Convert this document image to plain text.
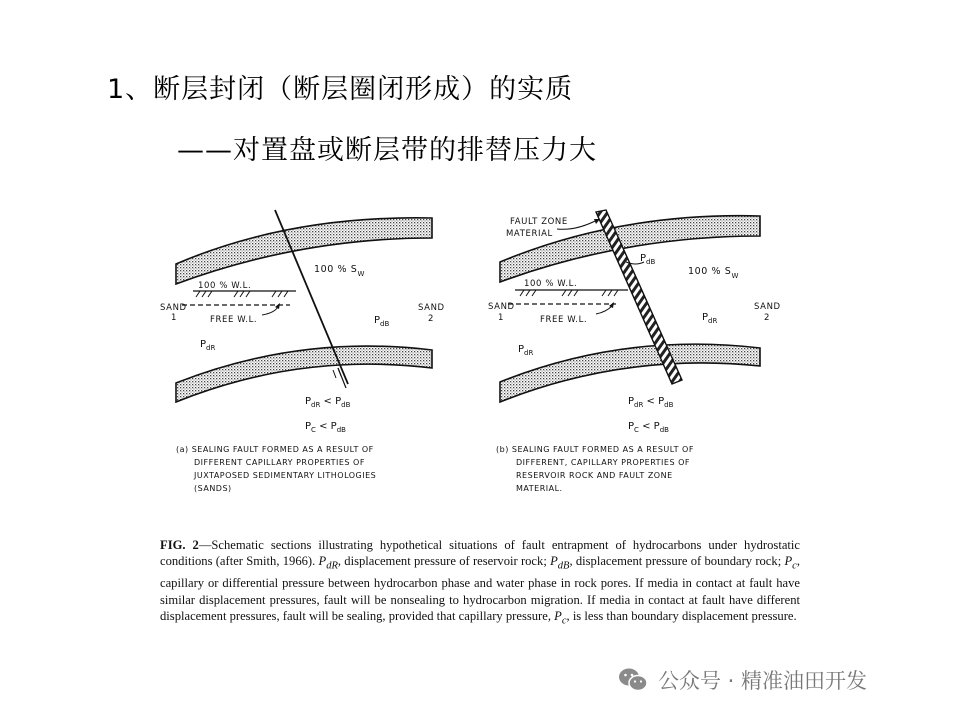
1、断层封闭（断层圈闭形成）的实质
——对置盘或断层带的排替压力大
100 % $S_W$
100 % W.L.
SAND
1	FREE W.L.	$P_{dB}$
SAND
2
$P_{dR}$
$P_{dR} < P_{dB}$
$P_C < P_{dB}$
(a) SEALING FAULT FORMED AS A RESULT OF
DIFFERENT CAPILLARY PROPERTIES OF
JUXTAPOSED SEDIMENTARY LITHOLOGIES
(SANDS)
FAULT ZONE
MATERIAL
$P_{dB}$
100 % $S_W$
100 % W.L.
SAND
1	FREE W.L.	$P_{dR}$
SAND
2
$P_{dR}$
$P_{dR} < P_{dB}$
$P_C < P_{dB}$
(b) SEALING FAULT FORMED AS A RESULT OF
DIFFERENT, CAPILLARY PROPERTIES OF
RESERVOIR ROCK AND FAULT ZONE
MATERIAL.

FIG. 2—Schematic sections illustrating hypothetical situations of fault entrapment of hydrocarbons under hydrostatic conditions (after Smith, 1966). $P_{dR}$, displacement pressure of reservoir rock; $P_{dB}$, displacement pressure of boundary rock; $P_c$, capillary or differential pressure between hydrocarbon phase and water phase in rock pores. If media in contact at fault have similar displacement pressures, fault will be nonsealing to hydrocarbon migration. If media in contact at fault have different displacement pressures, fault will be sealing, provided that capillary pressure, $P_c$, is less than boundary displacement pressure.

公众号 · 精准油田开发
